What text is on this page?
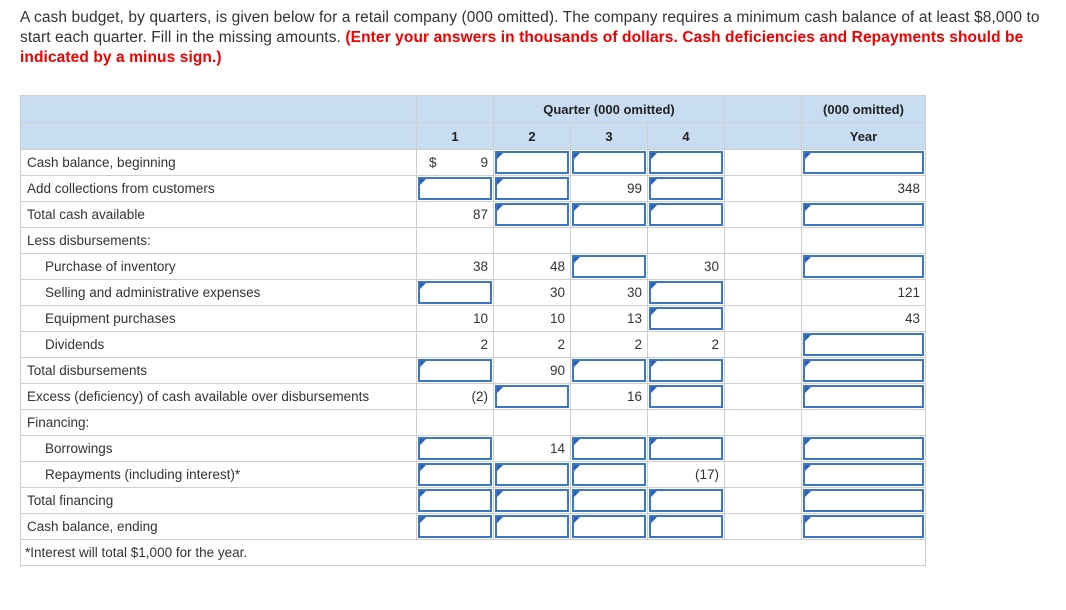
A cash budget, by quarters, is given below for a retail company (000 omitted). The company requires a minimum cash balance of at least $8,000 to start each quarter. Fill in the missing amounts. (Enter your answers in thousands of dollars. Cash deficiencies and Repayments should be indicated by a minus sign.)
		Quarter (000 omitted)				(000 omitted)
	1	2	3	4		Year
Cash balance, beginning	$ 9	

Add collections from customers			99			348
Total cash available	87	

Less disbursements:						
Purchase of inventory	38	48		30		

Selling and administrative expenses		30	30			121
Equipment purchases	10	10	13			43
Dividends	2	2	2	2		

Total disbursements		90	

Excess (deficiency) of cash available over disbursements	(2)		16	

Financing:						
Borrowings		14	

Repayments (including interest)*				(17)		

Total financing	

Cash balance, ending	

*Interest will total $1,000 for the year.						
